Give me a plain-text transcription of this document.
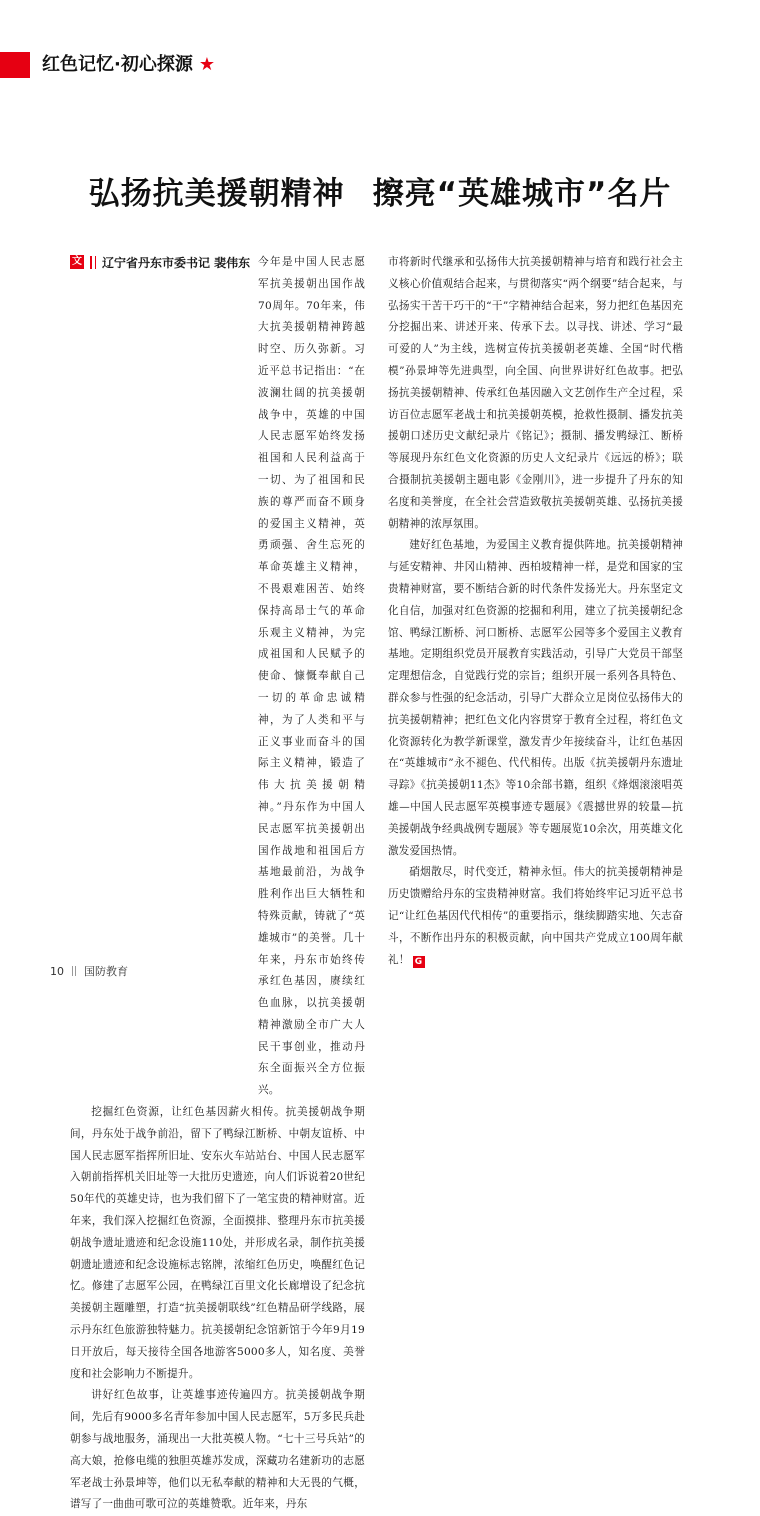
红色记忆·初心探源 ★
弘扬抗美援朝精神 擦亮“英雄城市”名片
文 辽宁省丹东市委书记 裴伟东 今年是中国人民志愿军抗美援朝出国作战70周年。70年来，伟大抗美援朝精神跨越时空、历久弥新。习近平总书记指出：“在波澜壮阔的抗美援朝战争中，英雄的中国人民志愿军始终发扬祖国和人民利益高于一切、为了祖国和民族的尊严而奋不顾身的爱国主义精神，英勇顽强、舍生忘死的革命英雄主义精神，不畏艰难困苦、始终保持高昂士气的革命乐观主义精神，为完成祖国和人民赋予的使命、慷慨奉献自己一切的革命忠诚精神，为了人类和平与正义事业而奋斗的国际主义精神，锻造了伟大抗美援朝精神。”丹东作为中国人民志愿军抗美援朝出国作战地和祖国后方基地最前沿，为战争胜利作出巨大牺牲和特殊贡献，铸就了“英雄城市”的美誉。几十年来，丹东市始终传承红色基因，赓续红色血脉，以抗美援朝精神激励全市广大人民干事创业，推动丹东全面振兴全方位振兴。

挖掘红色资源，让红色基因薪火相传。抗美援朝战争期间，丹东处于战争前沿，留下了鸭绿江断桥、中朝友谊桥、中国人民志愿军指挥所旧址、安东火车站站台、中国人民志愿军入朝前指挥机关旧址等一大批历史遗迹，向人们诉说着20世纪50年代的英雄史诗，也为我们留下了一笔宝贵的精神财富。近年来，我们深入挖掘红色资源，全面摸排、整理丹东市抗美援朝战争遗址遗迹和纪念设施110处，并形成名录，制作抗美援朝遗址遗迹和纪念设施标志铭牌，浓缩红色历史，唤醒红色记忆。修建了志愿军公园，在鸭绿江百里文化长廊增设了纪念抗美援朝主题雕塑，打造“抗美援朝联线”红色精品研学线路，展示丹东红色旅游独特魅力。抗美援朝纪念馆新馆于今年9月19日开放后，每天接待全国各地游客5000多人，知名度、美誉度和社会影响力不断提升。

讲好红色故事，让英雄事迹传遍四方。抗美援朝战争期间，先后有9000多名青年参加中国人民志愿军，5万多民兵赴朝参与战地服务，涌现出一大批英模人物。“七十三号兵站”的高大娘，抢修电缆的独胆英雄苏发成，深藏功名建新功的志愿军老战士孙景坤等，他们以无私奉献的精神和大无畏的气概，谱写了一曲曲可歌可泣的英雄赞歌。近年来，丹东

市将新时代继承和弘扬伟大抗美援朝精神与培育和践行社会主义核心价值观结合起来，与贯彻落实“两个纲要”结合起来，与弘扬实干苦干巧干的“干”字精神结合起来，努力把红色基因充分挖掘出来、讲述开来、传承下去。以寻找、讲述、学习“最可爱的人”为主线，选树宣传抗美援朝老英雄、全国“时代楷模”孙景坤等先进典型，向全国、向世界讲好红色故事。把弘扬抗美援朝精神、传承红色基因融入文艺创作生产全过程，采访百位志愿军老战士和抗美援朝英模，抢救性摄制、播发抗美援朝口述历史文献纪录片《铭记》；摄制、播发鸭绿江、断桥等展现丹东红色文化资源的历史人文纪录片《远远的桥》；联合摄制抗美援朝主题电影《金刚川》，进一步提升了丹东的知名度和美誉度，在全社会营造致敬抗美援朝英雄、弘扬抗美援朝精神的浓厚氛围。

建好红色基地，为爱国主义教育提供阵地。抗美援朝精神与延安精神、井冈山精神、西柏坡精神一样，是党和国家的宝贵精神财富，要不断结合新的时代条件发扬光大。丹东坚定文化自信，加强对红色资源的挖掘和利用，建立了抗美援朝纪念馆、鸭绿江断桥、河口断桥、志愿军公园等多个爱国主义教育基地。定期组织党员开展教育实践活动，引导广大党员干部坚定理想信念，自觉践行党的宗旨；组织开展一系列各具特色、群众参与性强的纪念活动，引导广大群众立足岗位弘扬伟大的抗美援朝精神；把红色文化内容贯穿于教育全过程，将红色文化资源转化为教学新课堂，激发青少年接续奋斗，让红色基因在“英雄城市”永不褪色、代代相传。出版《抗美援朝丹东遗址寻踪》《抗美援朝11杰》等10余部书籍，组织《烽烟滚滚唱英雄—中国人民志愿军英模事迹专题展》《震撼世界的较量—抗美援朝战争经典战例专题展》等专题展览10余次，用英雄文化激发爱国热情。

硝烟散尽，时代变迁，精神永恒。伟大的抗美援朝精神是历史馈赠给丹东的宝贵精神财富。我们将始终牢记习近平总书记“让红色基因代代相传”的重要指示，继续脚踏实地、矢志奋斗，不断作出丹东的积极贡献，向中国共产党成立100周年献礼！ G

10 国防教育
